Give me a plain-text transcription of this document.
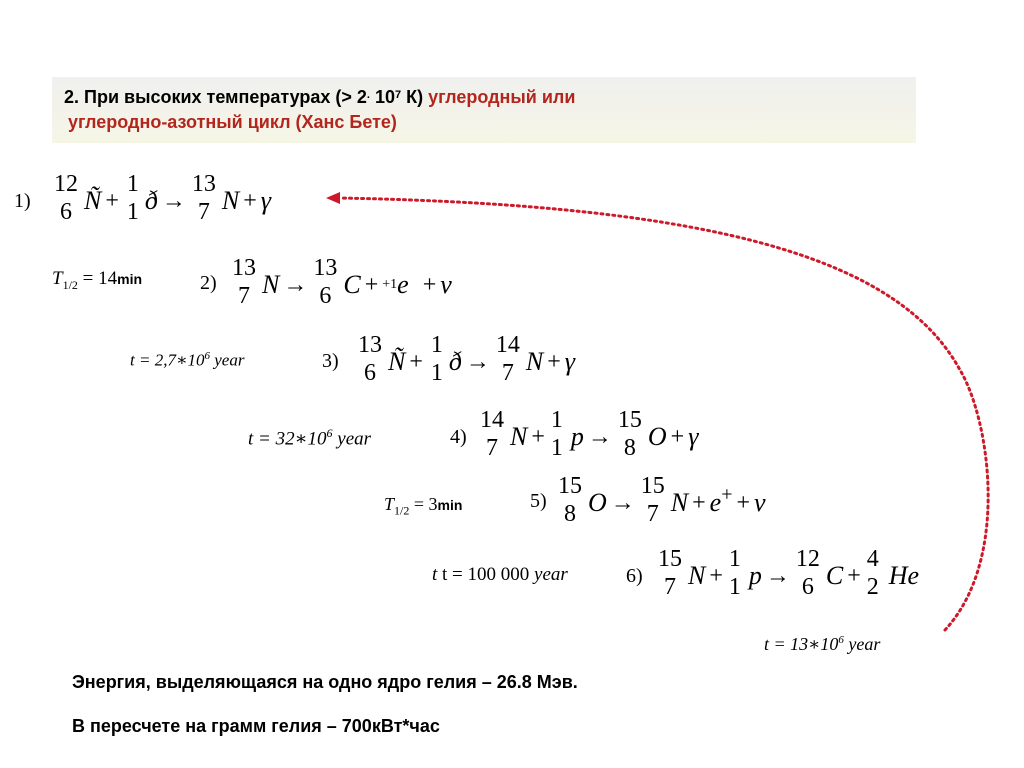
2. При высоких температурах (> 2. $10^7$ К) углеродный или
углеродно-азотный цикл (Ханс Бете)
1)
12
6 Ñ +
1
1 ð →
13
7 N + γ
$T_{1/2} = 14\min$	2)
13
7 N →
13
6 C + +1e + ν
$t = 2,7∗10^6$ year	3)
13
6 Ñ +
1
1 ð →
14
7 N + γ
$t = 32∗10^6$ year	4)
14
7 N +
1
1 p →
15
8 O + γ
$T_{1/2} = 3\min$	5)
15
8 O →
15
7 N + e+ + ν
t t = 100 000 year	6)
15
7 N +
1
1 p →
12
6 C +
4
2 He
$t = 13∗10^6$ year
Энергия, выделяющаяся на одно ядро гелия – 26.8 Мэв.
В пересчете на грамм гелия – 700кВт*час
